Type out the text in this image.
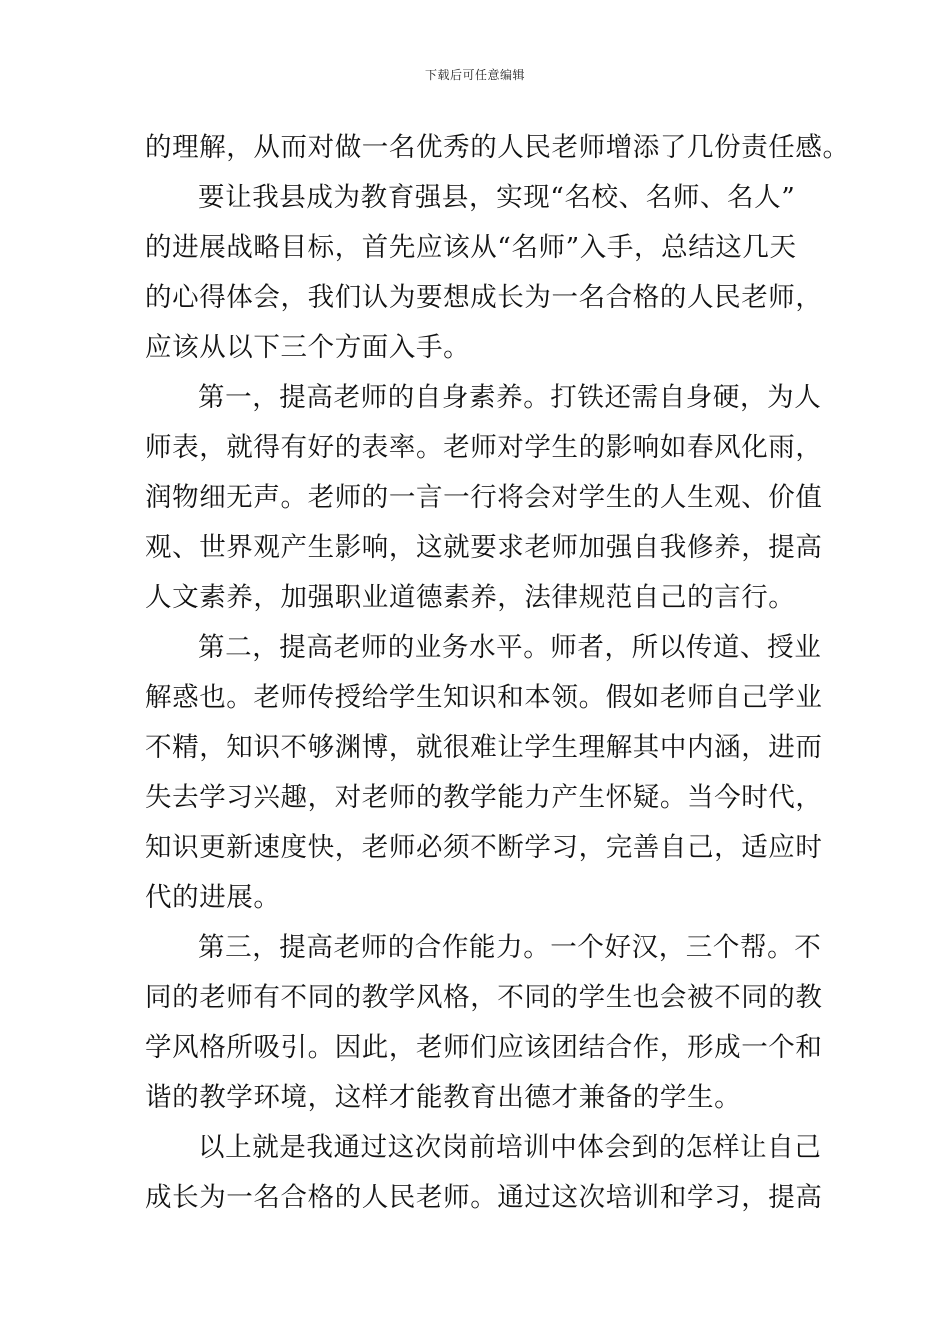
下载后可任意编辑
的理解，从而对做一名优秀的人民老师增添了几份责任感。
要让我县成为教育强县，实现“名校、名师、名人”
的进展战略目标，首先应该从“名师”入手，总结这几天
的心得体会，我们认为要想成长为一名合格的人民老师，
应该从以下三个方面入手。
第一，提高老师的自身素养。打铁还需自身硬，为人
师表，就得有好的表率。老师对学生的影响如春风化雨，
润物细无声。老师的一言一行将会对学生的人生观、价值
观、世界观产生影响，这就要求老师加强自我修养，提高
人文素养，加强职业道德素养，法律规范自己的言行。
第二，提高老师的业务水平。师者，所以传道、授业
解惑也。老师传授给学生知识和本领。假如老师自己学业
不精，知识不够渊博，就很难让学生理解其中内涵，进而
失去学习兴趣，对老师的教学能力产生怀疑。当今时代，
知识更新速度快，老师必须不断学习，完善自己，适应时
代的进展。
第三，提高老师的合作能力。一个好汉，三个帮。不
同的老师有不同的教学风格，不同的学生也会被不同的教
学风格所吸引。因此，老师们应该团结合作，形成一个和
谐的教学环境，这样才能教育出德才兼备的学生。
以上就是我通过这次岗前培训中体会到的怎样让自己
成长为一名合格的人民老师。通过这次培训和学习，提高
